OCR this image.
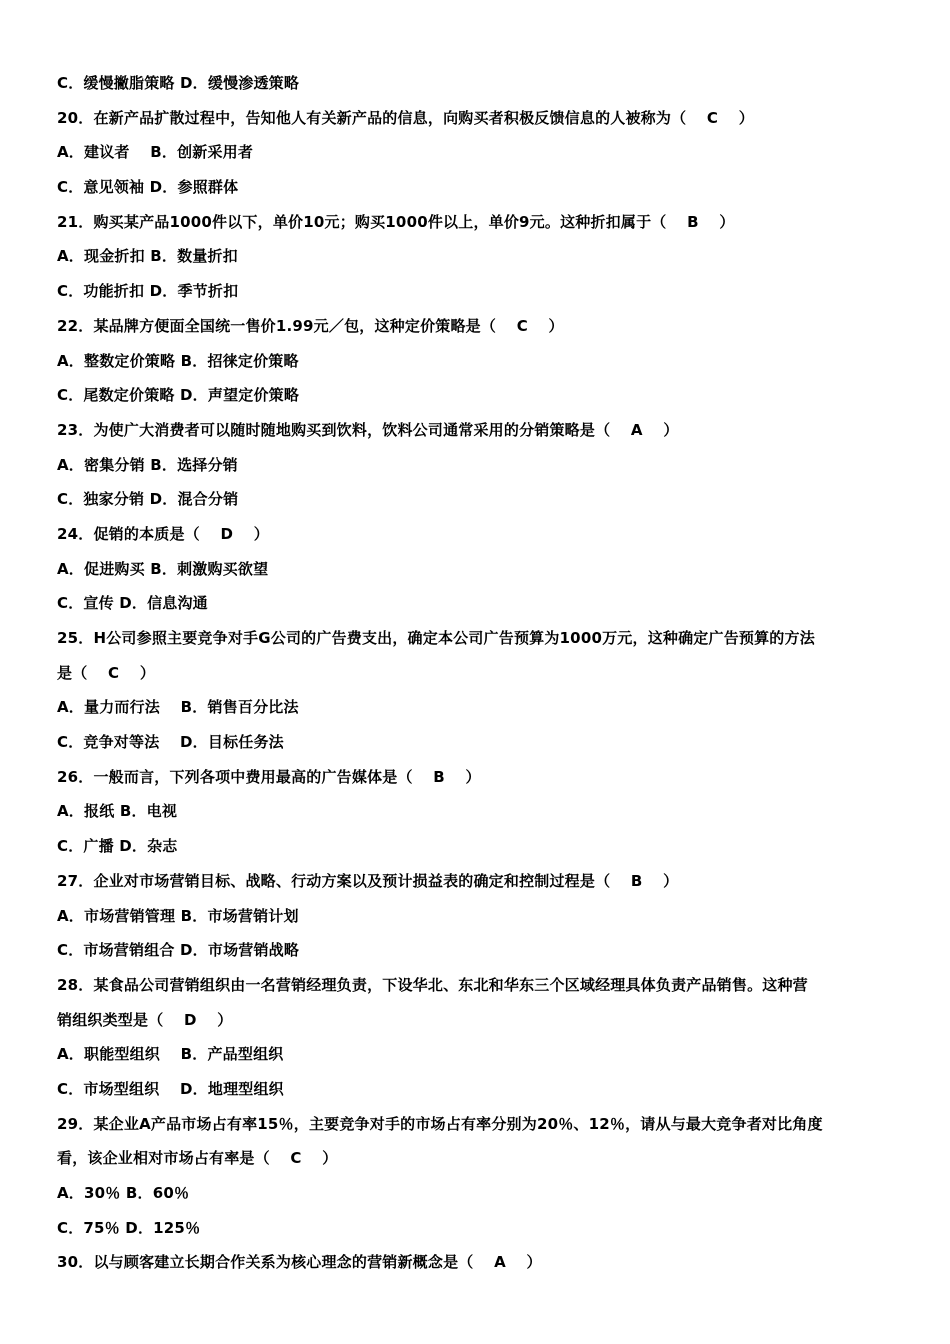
C．缓慢撇脂策略 D．缓慢渗透策略
20．在新产品扩散过程中，告知他人有关新产品的信息，向购买者积极反馈信息的人被称为（　 C　 ）
A．建议者　 B．创新采用者
C．意见领袖 D．参照群体
21．购买某产品1000件以下，单价10元；购买1000件以上，单价9元。这种折扣属于（　 B　 ）
A．现金折扣 B．数量折扣
C．功能折扣 D．季节折扣
22．某品牌方便面全国统一售价1.99元／包，这种定价策略是（　 C　 ）
A．整数定价策略 B．招徕定价策略
C．尾数定价策略 D．声望定价策略
23．为使广大消费者可以随时随地购买到饮料，饮料公司通常采用的分销策略是（　 A　 ）
A．密集分销 B．选择分销
C．独家分销 D．混合分销
24．促销的本质是（　 D　 ）
A．促进购买 B．刺激购买欲望
C．宣传 D．信息沟通
25．H公司参照主要竞争对手G公司的广告费支出，确定本公司广告预算为1000万元，这种确定广告预算的方法
是（　 C　 ）
A．量力而行法　 B．销售百分比法
C．竞争对等法　 D．目标任务法
26．一般而言，下列各项中费用最高的广告媒体是（　 B　 ）
A．报纸 B．电视
C．广播 D．杂志
27．企业对市场营销目标、战略、行动方案以及预计损益表的确定和控制过程是（　 B　 ）
A．市场营销管理 B．市场营销计划
C．市场营销组合 D．市场营销战略
28．某食品公司营销组织由一名营销经理负责，下设华北、东北和华东三个区域经理具体负责产品销售。这种营
销组织类型是（　 D　 ）
A．职能型组织　 B．产品型组织
C．市场型组织　 D．地理型组织
29．某企业A产品市场占有率15％，主要竞争对手的市场占有率分别为20％、12％，请从与最大竞争者对比角度
看，该企业相对市场占有率是（　 C　 ）
A．30％ B．60％
C．75％ D．125％
30．以与顾客建立长期合作关系为核心理念的营销新概念是（　 A　 ）
